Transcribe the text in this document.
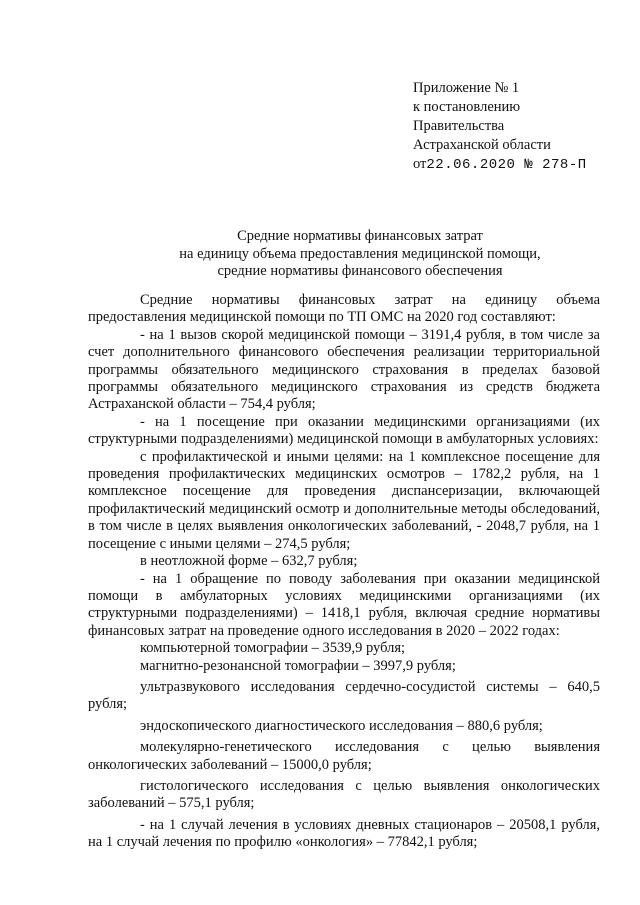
Приложение № 1
к постановлению
Правительства
Астраханской области
от22.06.2020 № 278-П
Средние нормативы финансовых затрат
на единицу объема предоставления медицинской помощи,
средние нормативы финансового обеспечения

Средние нормативы финансовых затрат на единицу объема предоставления медицинской помощи по ТП ОМС на 2020 год составляют:

- на 1 вызов скорой медицинской помощи – 3191,4 рубля, в том числе за счет дополнительного финансового обеспечения реализации территориальной программы обязательного медицинского страхования в пределах базовой программы обязательного медицинского страхования из средств бюджета Астраханской области – 754,4 рубля;

- на 1 посещение при оказании медицинскими организациями (их структурными подразделениями) медицинской помощи в амбулаторных условиях:

с профилактической и иными целями: на 1 комплексное посещение для проведения профилактических медицинских осмотров – 1782,2 рубля, на 1 комплексное посещение для проведения диспансеризации, включающей профилактический медицинский осмотр и дополнительные методы обследований, в том числе в целях выявления онкологических заболеваний, - 2048,7 рубля, на 1 посещение с иными целями – 274,5 рубля;

в неотложной форме – 632,7 рубля;

- на 1 обращение по поводу заболевания при оказании медицинской помощи в амбулаторных условиях медицинскими организациями (их структурными подразделениями) – 1418,1 рубля, включая средние нормативы финансовых затрат на проведение одного исследования в 2020 – 2022 годах:

компьютерной томографии – 3539,9 рубля;

магнитно-резонансной томографии – 3997,9 рубля;

ультразвукового исследования сердечно-сосудистой системы – 640,5 рубля;

эндоскопического диагностического исследования – 880,6 рубля;

молекулярно-генетического исследования с целью выявления онкологических заболеваний – 15000,0 рубля;

гистологического исследования с целью выявления онкологических заболеваний – 575,1 рубля;

- на 1 случай лечения в условиях дневных стационаров – 20508,1 рубля, на 1 случай лечения по профилю «онкология» – 77842,1 рубля;
